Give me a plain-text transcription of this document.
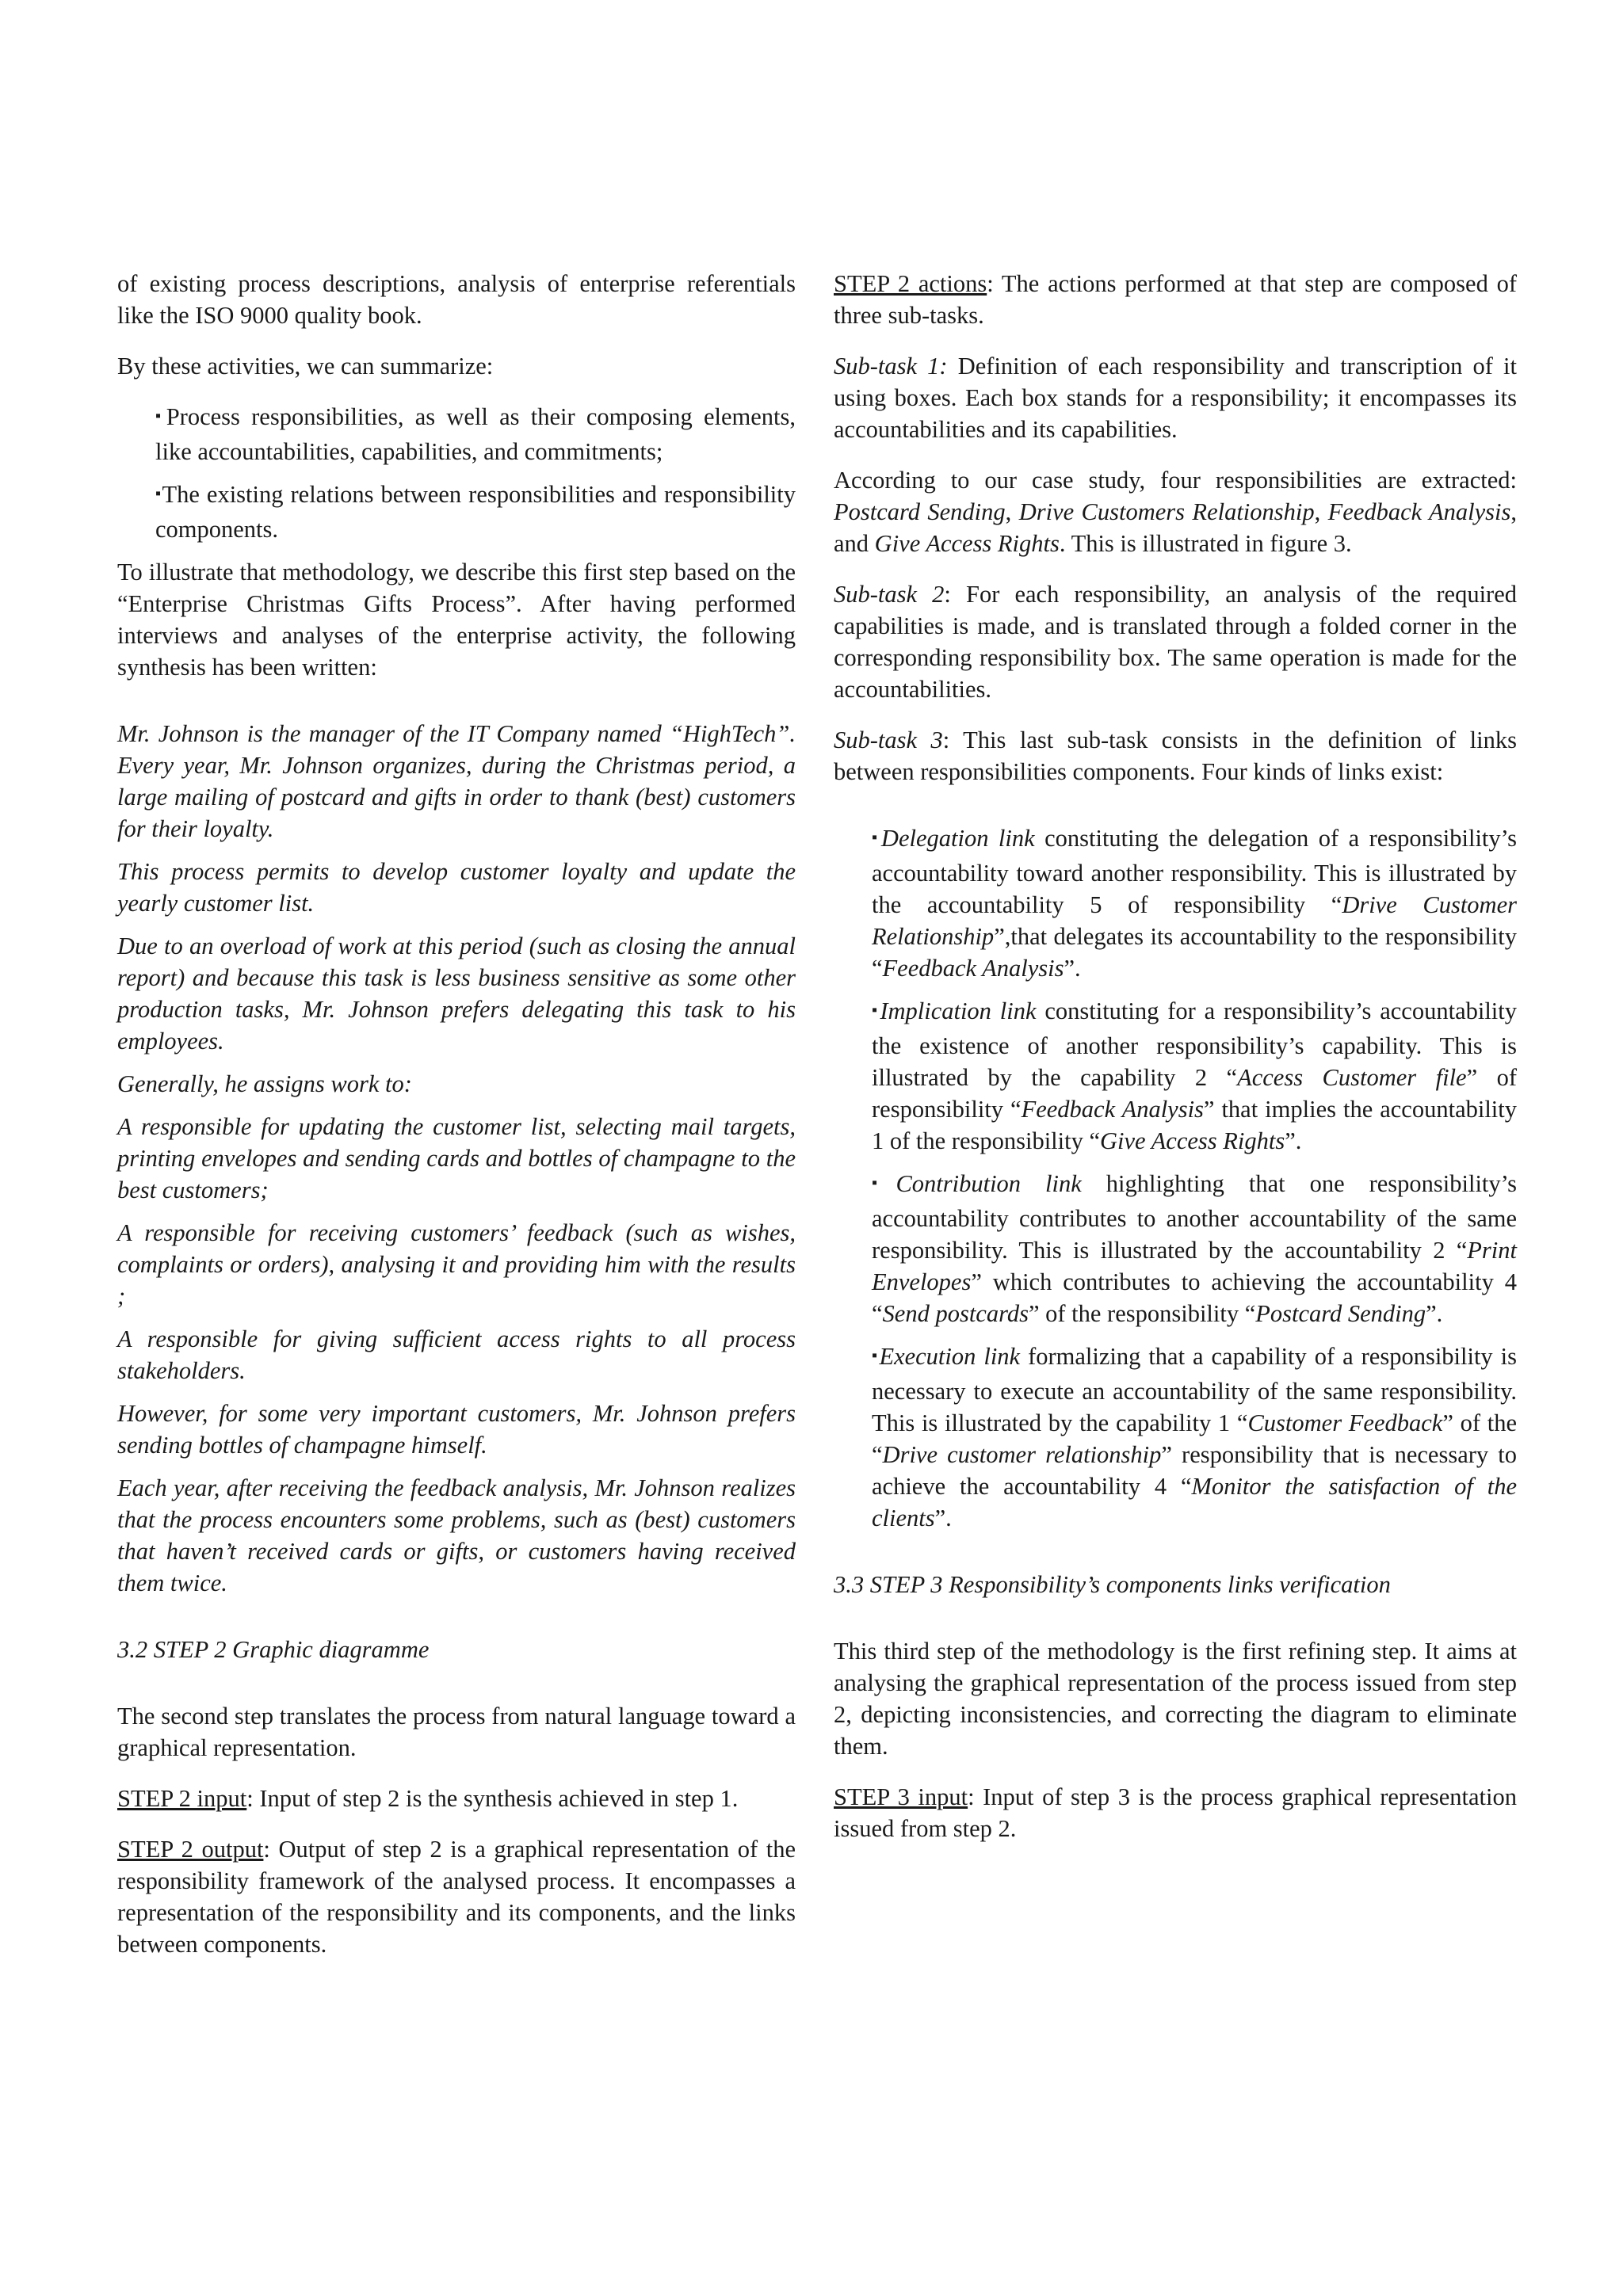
of existing process descriptions, analysis of enterprise referentials like the ISO 9000 quality book.

By these activities, we can summarize:

▪Process responsibilities, as well as their composing elements, like accountabilities, capabilities, and commitments;

▪The existing relations between responsibilities and responsibility components.

To illustrate that methodology, we describe this first step based on the “Enterprise Christmas Gifts Process”. After having performed interviews and analyses of the enterprise activity, the following synthesis has been written:

Mr. Johnson is the manager of the IT Company named “HighTech”. Every year, Mr. Johnson organizes, during the Christmas period, a large mailing of postcard and gifts in order to thank (best) customers for their loyalty.

This process permits to develop customer loyalty and update the yearly customer list.

Due to an overload of work at this period (such as closing the annual report) and because this task is less business sensitive as some other production tasks, Mr. Johnson prefers delegating this task to his employees.

Generally, he assigns work to:

A responsible for updating the customer list, selecting mail targets, printing envelopes and sending cards and bottles of champagne to the best customers;

A responsible for receiving customers’ feedback (such as wishes, complaints or orders), analysing it and providing him with the results ;

A responsible for giving sufficient access rights to all process stakeholders.

However, for some very important customers, Mr. Johnson prefers sending bottles of champagne himself.

Each year, after receiving the feedback analysis, Mr. Johnson realizes that the process encounters some problems, such as (best) customers that haven’t received cards or gifts, or customers having received them twice.

3.2 STEP 2 Graphic diagramme

The second step translates the process from natural language toward a graphical representation.

STEP 2 input: Input of step 2 is the synthesis achieved in step 1.

STEP 2 output: Output of step 2 is a graphical representation of the responsibility framework of the analysed process. It encompasses a representation of the responsibility and its components, and the links between components.

STEP 2 actions: The actions performed at that step are composed of three sub-tasks.

Sub-task 1: Definition of each responsibility and transcription of it using boxes. Each box stands for a responsibility; it encompasses its accountabilities and its capabilities.

According to our case study, four responsibilities are extracted: Postcard Sending, Drive Customers Relationship, Feedback Analysis, and Give Access Rights. This is illustrated in figure 3.

Sub-task 2: For each responsibility, an analysis of the required capabilities is made, and is translated through a folded corner in the corresponding responsibility box. The same operation is made for the accountabilities.

Sub-task 3: This last sub-task consists in the definition of links between responsibilities components. Four kinds of links exist:

▪Delegation link constituting the delegation of a responsibility’s accountability toward another responsibility. This is illustrated by the accountability 5 of responsibility “Drive Customer Relationship”,that delegates its accountability to the responsibility “Feedback Analysis”.

▪Implication link constituting for a responsibility’s accountability the existence of another responsibility’s capability. This is illustrated by the capability 2 “Access Customer file” of responsibility “Feedback Analysis” that implies the accountability 1 of the responsibility “Give Access Rights”.

▪Contribution link highlighting that one responsibility’s accountability contributes to another accountability of the same responsibility. This is illustrated by the accountability 2 “Print Envelopes” which contributes to achieving the accountability 4 “Send postcards” of the responsibility “Postcard Sending”.

▪Execution link formalizing that a capability of a responsibility is necessary to execute an accountability of the same responsibility. This is illustrated by the capability 1 “Customer Feedback” of the “Drive customer relationship” responsibility that is necessary to achieve the accountability 4 “Monitor the satisfaction of the clients”.

3.3 STEP 3 Responsibility’s components links verification

This third step of the methodology is the first refining step. It aims at analysing the graphical representation of the process issued from step 2, depicting inconsistencies, and correcting the diagram to eliminate them.

STEP 3 input: Input of step 3 is the process graphical representation issued from step 2.
